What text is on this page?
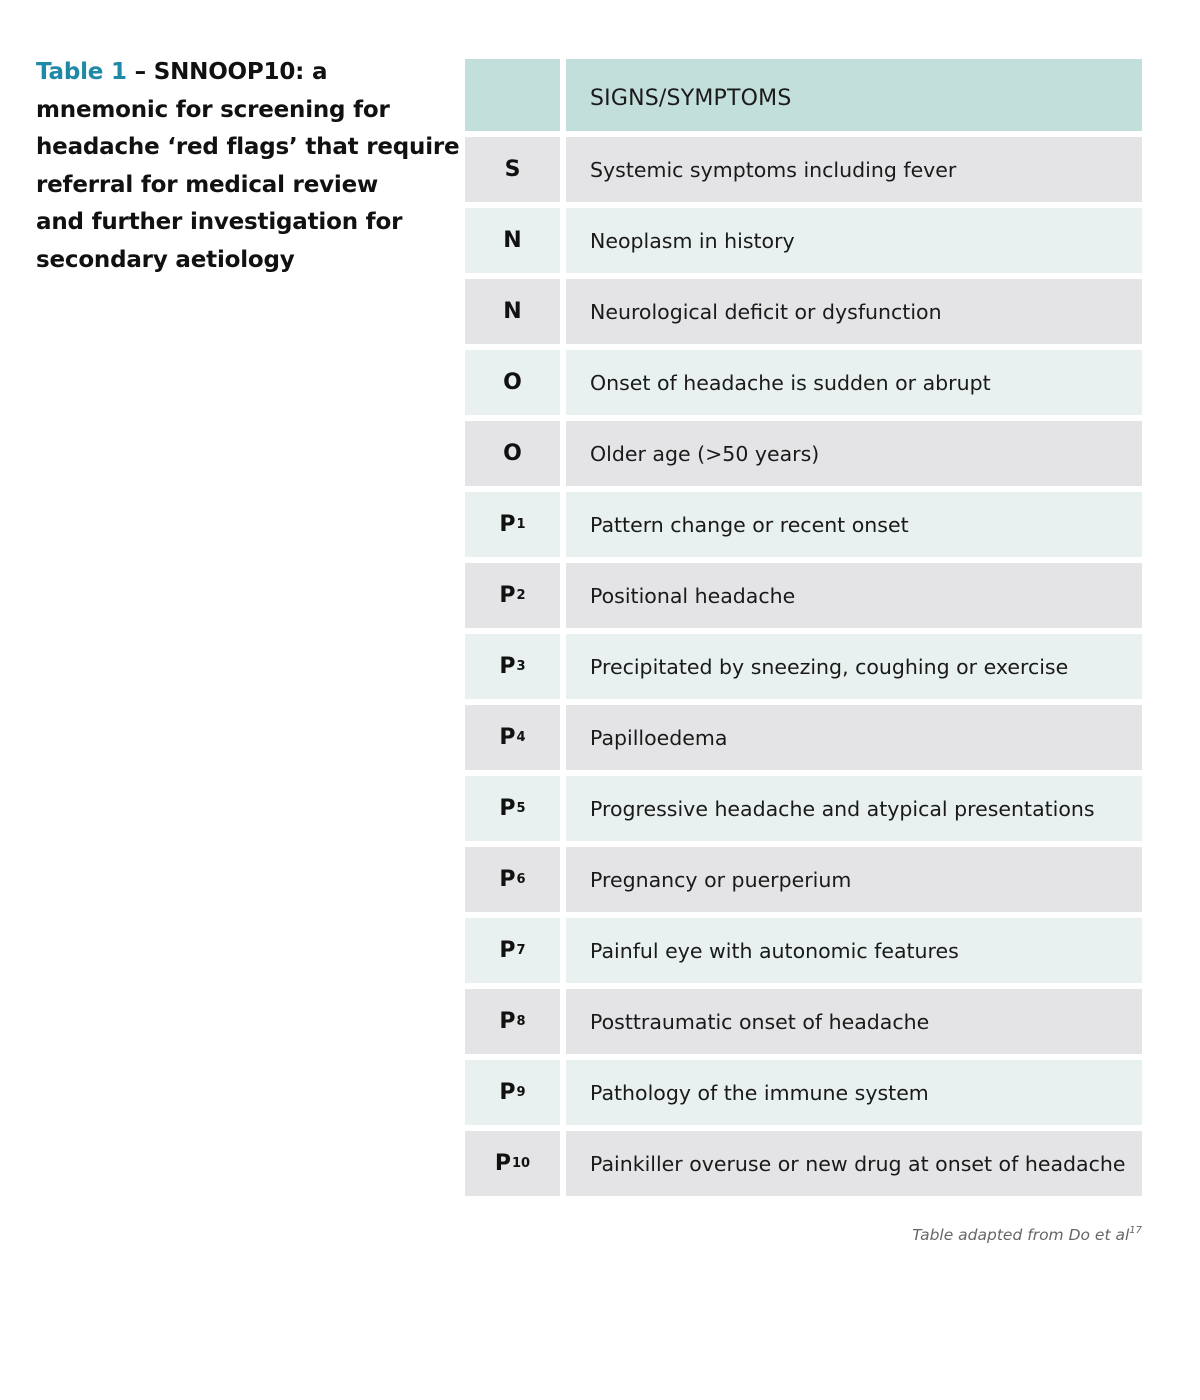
Table 1 – SNNOOP10: a
mnemonic for screening for
headache ‘red flags’ that require
referral for medical review
and further investigation for
secondary aetiology

SIGNS/SYMPTOMS
S	Systemic symptoms including fever
N	Neoplasm in history
N	Neurological deficit or dysfunction
O	Onset of headache is sudden or abrupt
O	Older age (>50 years)
P 1	Pattern change or recent onset
P 2	Positional headache
P 3	Precipitated by sneezing, coughing or exercise
P 4	Papilloedema
P 5	Progressive headache and atypical presentations
P 6	Pregnancy or puerperium
P 7	Painful eye with autonomic features
P 8	Posttraumatic onset of headache
P 9	Pathology of the immune system
P 10	Painkiller overuse or new drug at onset of headache
Table adapted from Do et $al^{17}$
